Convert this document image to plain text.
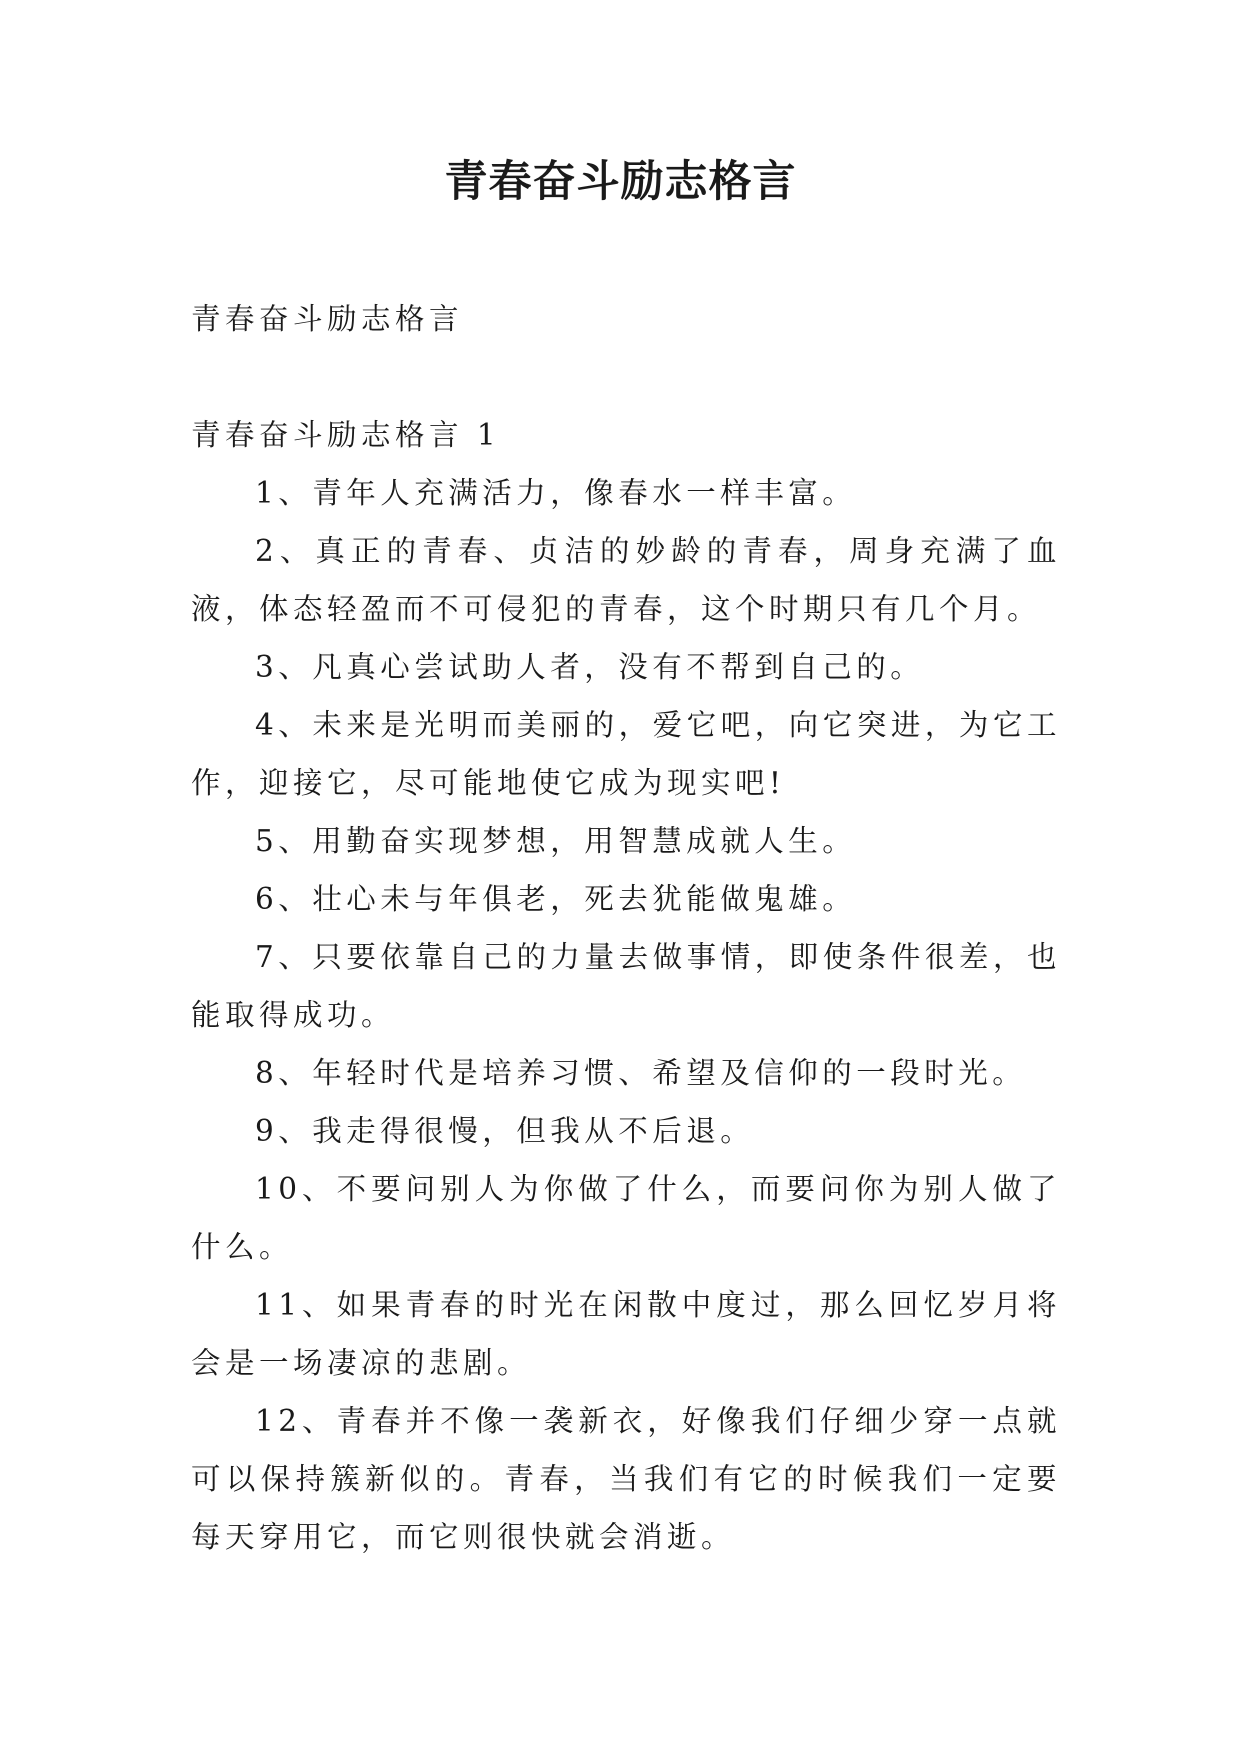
青春奋斗励志格言

青春奋斗励志格言

青春奋斗励志格言 1

1、青年人充满活力，像春水一样丰富。

2、真正的青春、贞洁的妙龄的青春，周身充满了血液，体态轻盈而不可侵犯的青春，这个时期只有几个月。

3、凡真心尝试助人者，没有不帮到自己的。

4、未来是光明而美丽的，爱它吧，向它突进，为它工作，迎接它，尽可能地使它成为现实吧!

5、用勤奋实现梦想，用智慧成就人生。

6、壮心未与年俱老，死去犹能做鬼雄。

7、只要依靠自己的力量去做事情，即使条件很差，也能取得成功。

8、年轻时代是培养习惯、希望及信仰的一段时光。

9、我走得很慢，但我从不后退。

10、不要问别人为你做了什么，而要问你为别人做了什么。

11、如果青春的时光在闲散中度过，那么回忆岁月将会是一场凄凉的悲剧。

12、青春并不像一袭新衣，好像我们仔细少穿一点就可以保持簇新似的。青春，当我们有它的时候我们一定要每天穿用它，而它则很快就会消逝。
